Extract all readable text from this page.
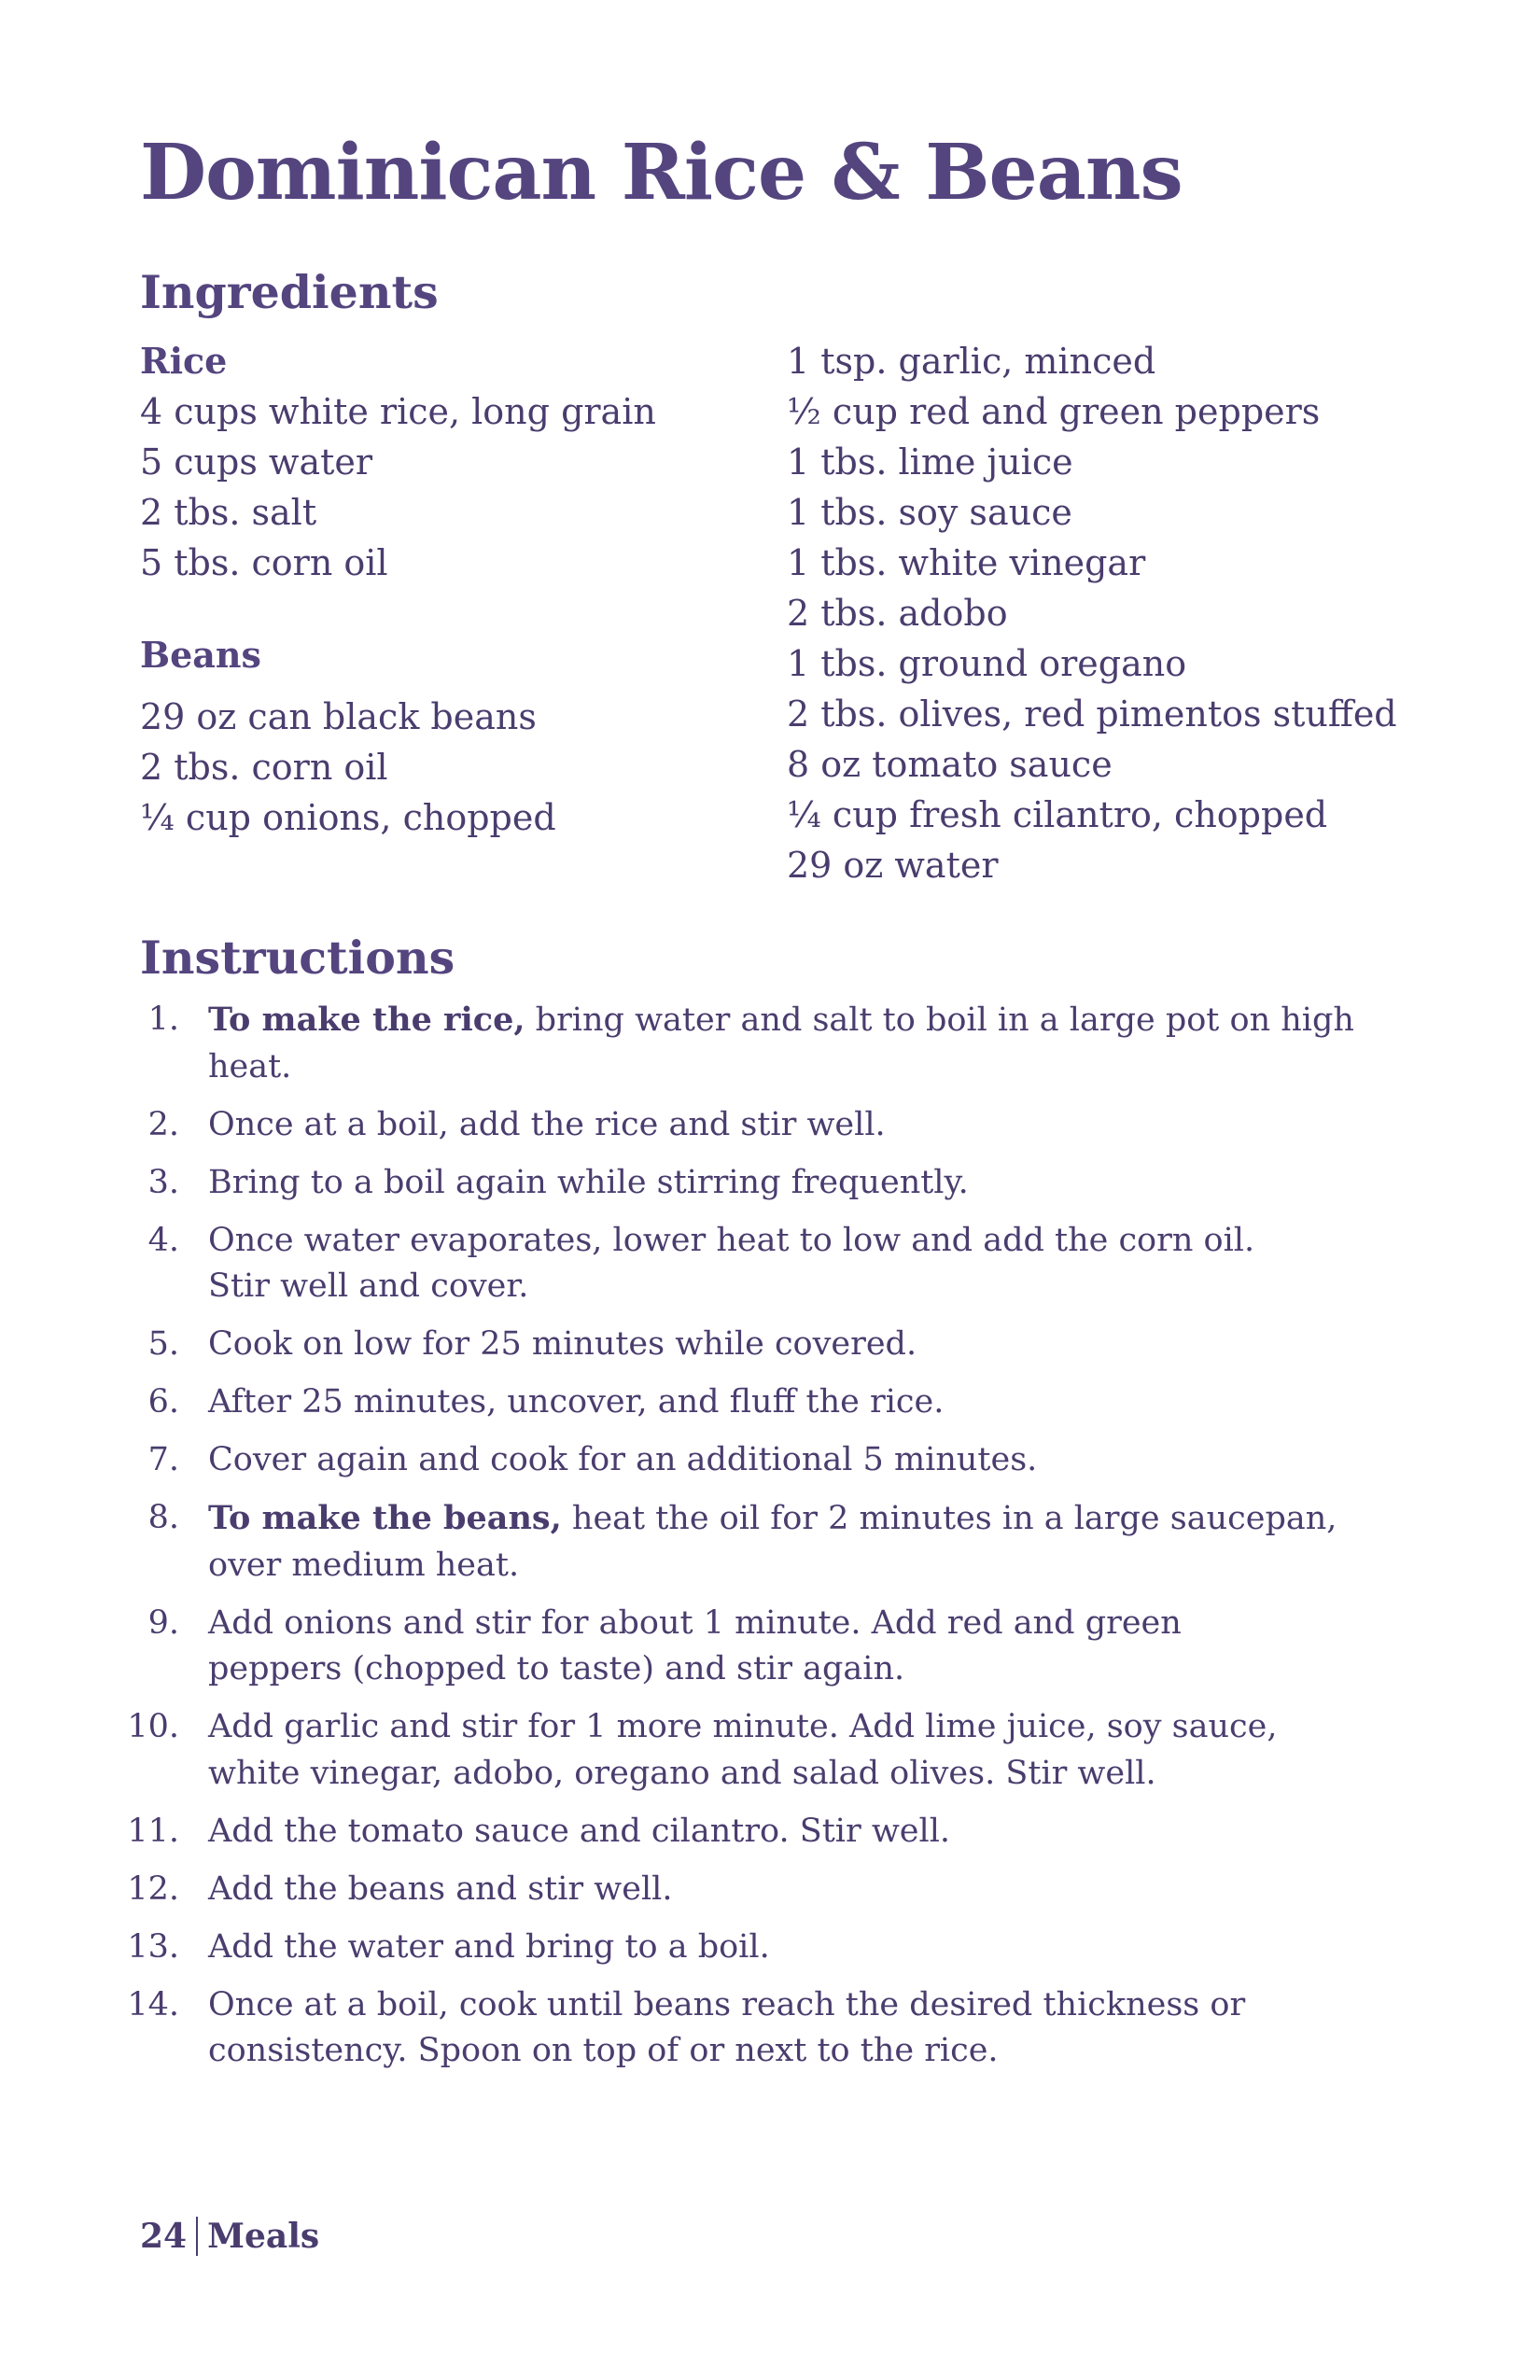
Dominican Rice & Beans
Ingredients
Rice
4 cups white rice, long grain
5 cups water
2 tbs. salt
5 tbs. corn oil
Beans
29 oz can black beans
2 tbs. corn oil
¼ cup onions, chopped
1 tsp. garlic, minced
½ cup red and green peppers
1 tbs. lime juice
1 tbs. soy sauce
1 tbs. white vinegar
2 tbs. adobo
1 tbs. ground oregano
2 tbs. olives, red pimentos stuffed
8 oz tomato sauce
¼ cup fresh cilantro, chopped
29 oz water
Instructions
1. To make the rice, bring water and salt to boil in a large pot on high heat.
2. Once at a boil, add the rice and stir well.
3. Bring to a boil again while stirring frequently.
4. Once water evaporates, lower heat to low and add the corn oil.
Stir well and cover.
5. Cook on low for 25 minutes while covered.
6. After 25 minutes, uncover, and fluff the rice.
7. Cover again and cook for an additional 5 minutes.
8. To make the beans, heat the oil for 2 minutes in a large saucepan,
over medium heat.
9. Add onions and stir for about 1 minute. Add red and green
peppers (chopped to taste) and stir again.
10. Add garlic and stir for 1 more minute. Add lime juice, soy sauce,
white vinegar, adobo, oregano and salad olives. Stir well.
11. Add the tomato sauce and cilantro. Stir well.
12. Add the beans and stir well.
13. Add the water and bring to a boil.
14. Once at a boil, cook until beans reach the desired thickness or
consistency. Spoon on top of or next to the rice.
24 Meals
